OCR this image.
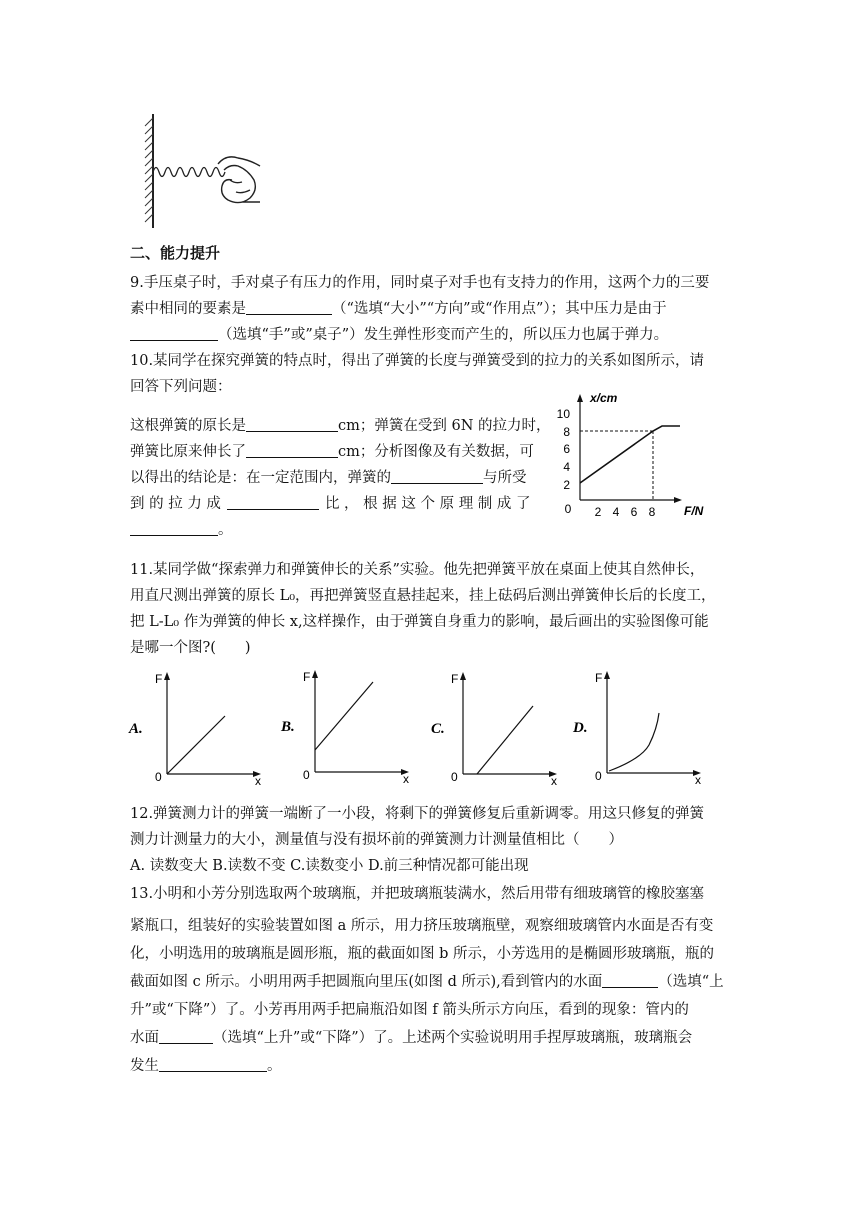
二、能力提升
9.手压桌子时，手对桌子有压力的作用，同时桌子对手也有支持力的作用，这两个力的三要
素中相同的要素是	（“选填“大小”“方向”或“作用点”）；其中压力是由于
（选填“手”或”桌子”）发生弹性形变而产生的，所以压力也属于弹力。
10.某同学在探究弹簧的特点时，得出了弹簧的长度与弹簧受到的拉力的关系如图所示，请
回答下列问题：
这根弹簧的原长是	cm；弹簧在受到 6N 的拉力时，
弹簧比原来伸长了	cm；分析图像及有关数据，可
以得出的结论是：在一定范围内，弹簧的	与所受
到 的 拉 力 成	比 ， 根 据 这 个 原 理 制 成 了
。
x/cm
F/N
10
8
6
4
2
0 2 4 6 8
11.某同学做“探索弹力和弹簧伸长的关系”实验。他先把弹簧平放在桌面上使其自然伸长，
用直尺测出弹簧的原长 L₀，再把弹簧竖直悬挂起来，挂上砝码后测出弹簧伸长后的长度工，
把 L-L₀ 作为弹簧的伸长 x,这样操作，由于弹簧自身重力的影响，最后画出的实验图像可能
是哪一个图?(　　)
A.
F
0	x
B.
F
0	x
C.
F
0	x
D.
F
0	x
12.弹簧测力计的弹簧一端断了一小段，将剩下的弹簧修复后重新调零。用这只修复的弹簧
测力计测量力的大小，测量值与没有损坏前的弹簧测力计测量值相比（　　）
A. 读数变大 B.读数不变 C.读数变小 D.前三种情况都可能出现
13.小明和小芳分别选取两个玻璃瓶，并把玻璃瓶装满水，然后用带有细玻璃管的橡胶塞塞
紧瓶口，组装好的实验装置如图 a 所示，用力挤压玻璃瓶壁，观察细玻璃管内水面是否有变
化，小明选用的玻璃瓶是圆形瓶，瓶的截面如图 b 所示，小芳选用的是椭圆形玻璃瓶，瓶的
截面如图 c 所示。小明用两手把圆瓶向里压(如图 d 所示),看到管内的水面	（选填“上
升”或“下降”）了。小芳再用两手把扁瓶沿如图 f 箭头所示方向压，看到的现象：管内的
水面	（选填“上升”或“下降”）了。上述两个实验说明用手捏厚玻璃瓶，玻璃瓶会
发生	。
